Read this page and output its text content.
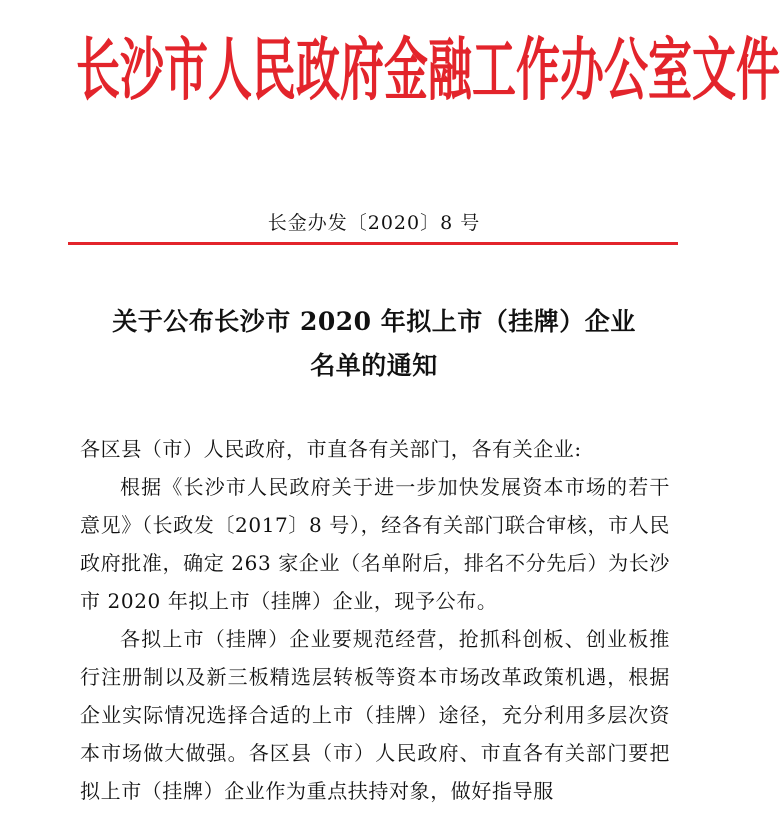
长 沙 市 人 民 政 府 金 融 工 作 办 公 室 文 件
长金办发〔2020〕8 号
关于公布长沙市 2020 年拟上市（挂牌）企业
名单的通知

各区县（市）人民政府，市直各有关部门，各有关企业:

根据《长沙市人民政府关于进一步加快发展资本市场的若干意见》（长政发〔2017〕8 号），经各有关部门联合审核，市人民政府批准，确定 263 家企业（名单附后，排名不分先后）为长沙市 2020 年拟上市（挂牌）企业，现予公布。

各拟上市（挂牌）企业要规范经营，抢抓科创板、创业板推行注册制以及新三板精选层转板等资本市场改革政策机遇，根据企业实际情况选择合适的上市（挂牌）途径，充分利用多层次资本市场做大做强。各区县（市）人民政府、市直各有关部门要把拟上市（挂牌）企业作为重点扶持对象，做好指导服
